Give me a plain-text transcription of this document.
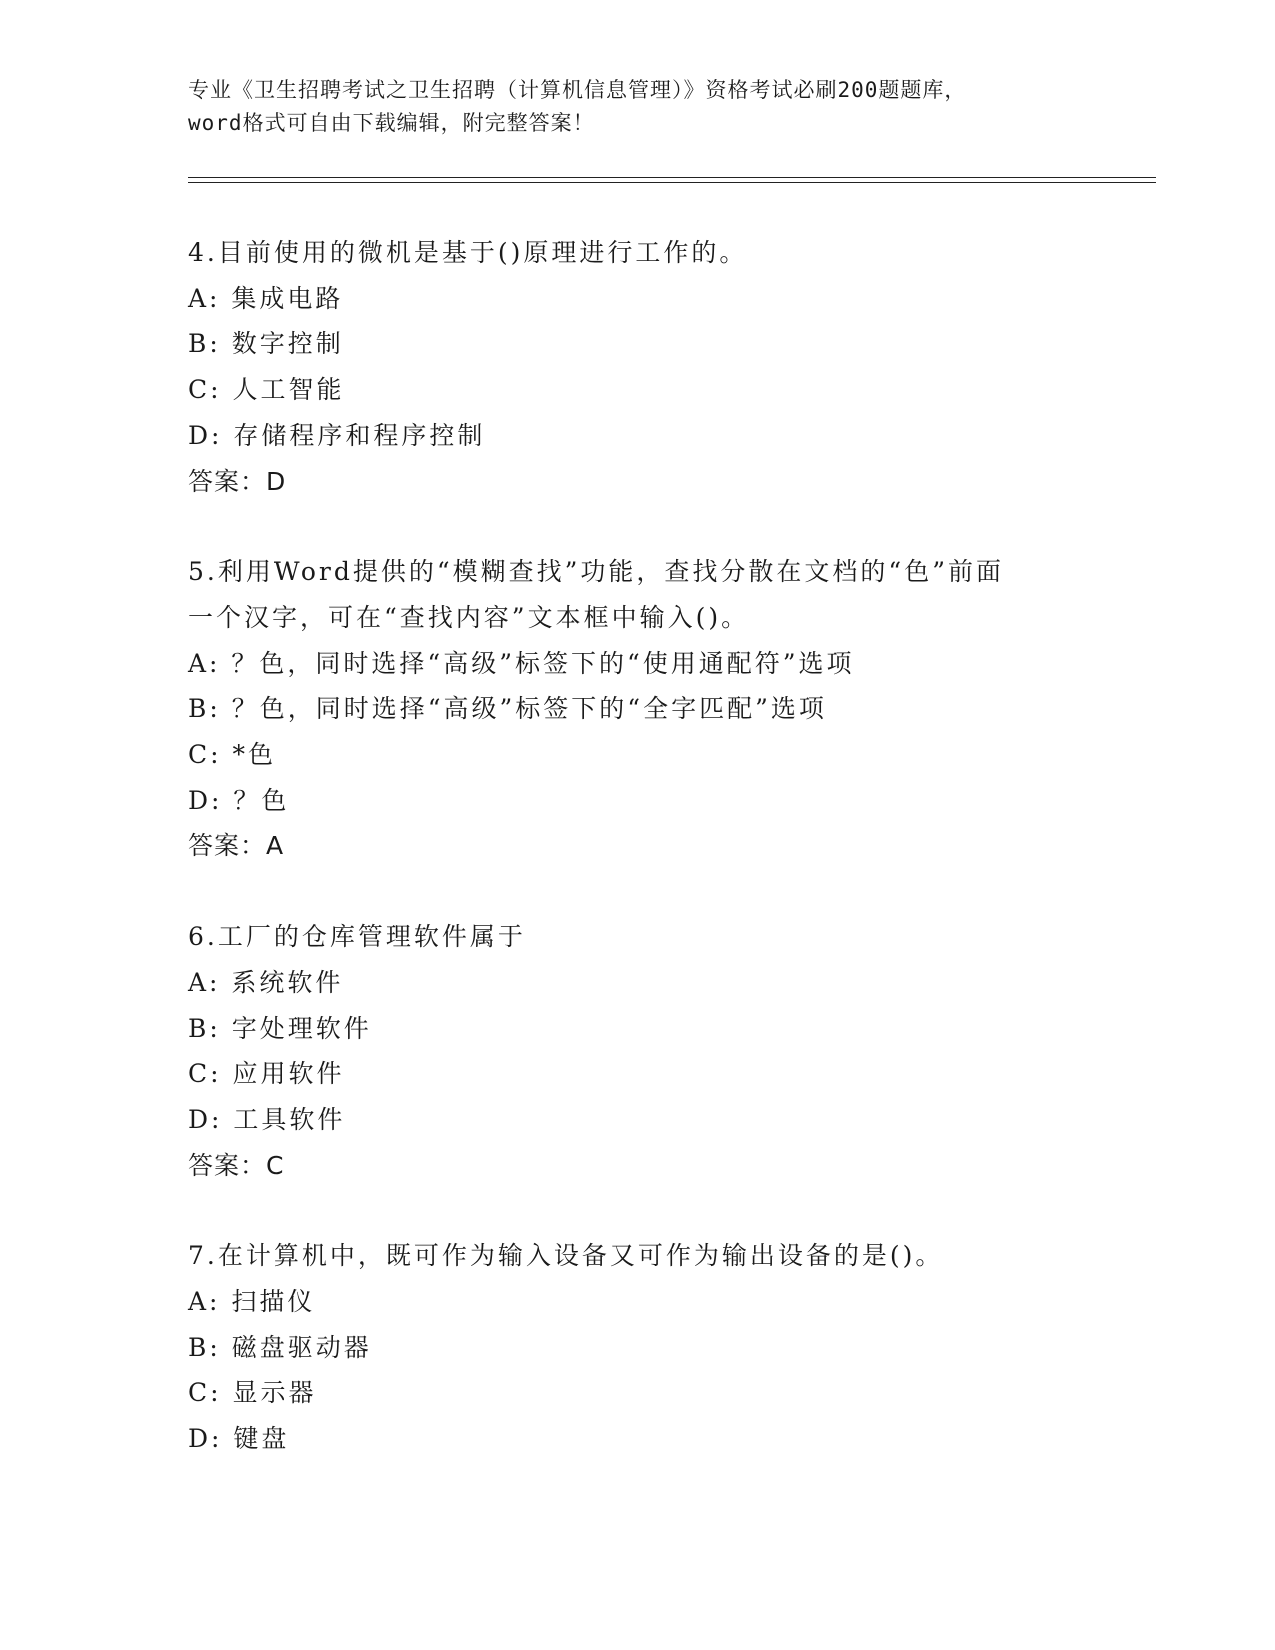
专业《卫生招聘考试之卫生招聘（计算机信息管理）》资格考试必刷200题题库，
word格式可自由下载编辑，附完整答案！
4.目前使用的微机是基于()原理进行工作的。
A: 集成电路
B: 数字控制
C: 人工智能
D: 存储程序和程序控制
答案：D
5.利用Word提供的“模糊查找”功能，查找分散在文档的“色”前面
一个汉字，可在“查找内容”文本框中输入()。
A: ？色，同时选择“高级”标签下的“使用通配符”选项
B: ？色，同时选择“高级”标签下的“全字匹配”选项
C: *色
D: ？色
答案：A
6.工厂的仓库管理软件属于
A: 系统软件
B: 字处理软件
C: 应用软件
D: 工具软件
答案：C
7.在计算机中，既可作为输入设备又可作为输出设备的是()。
A: 扫描仪
B: 磁盘驱动器
C: 显示器
D: 键盘
